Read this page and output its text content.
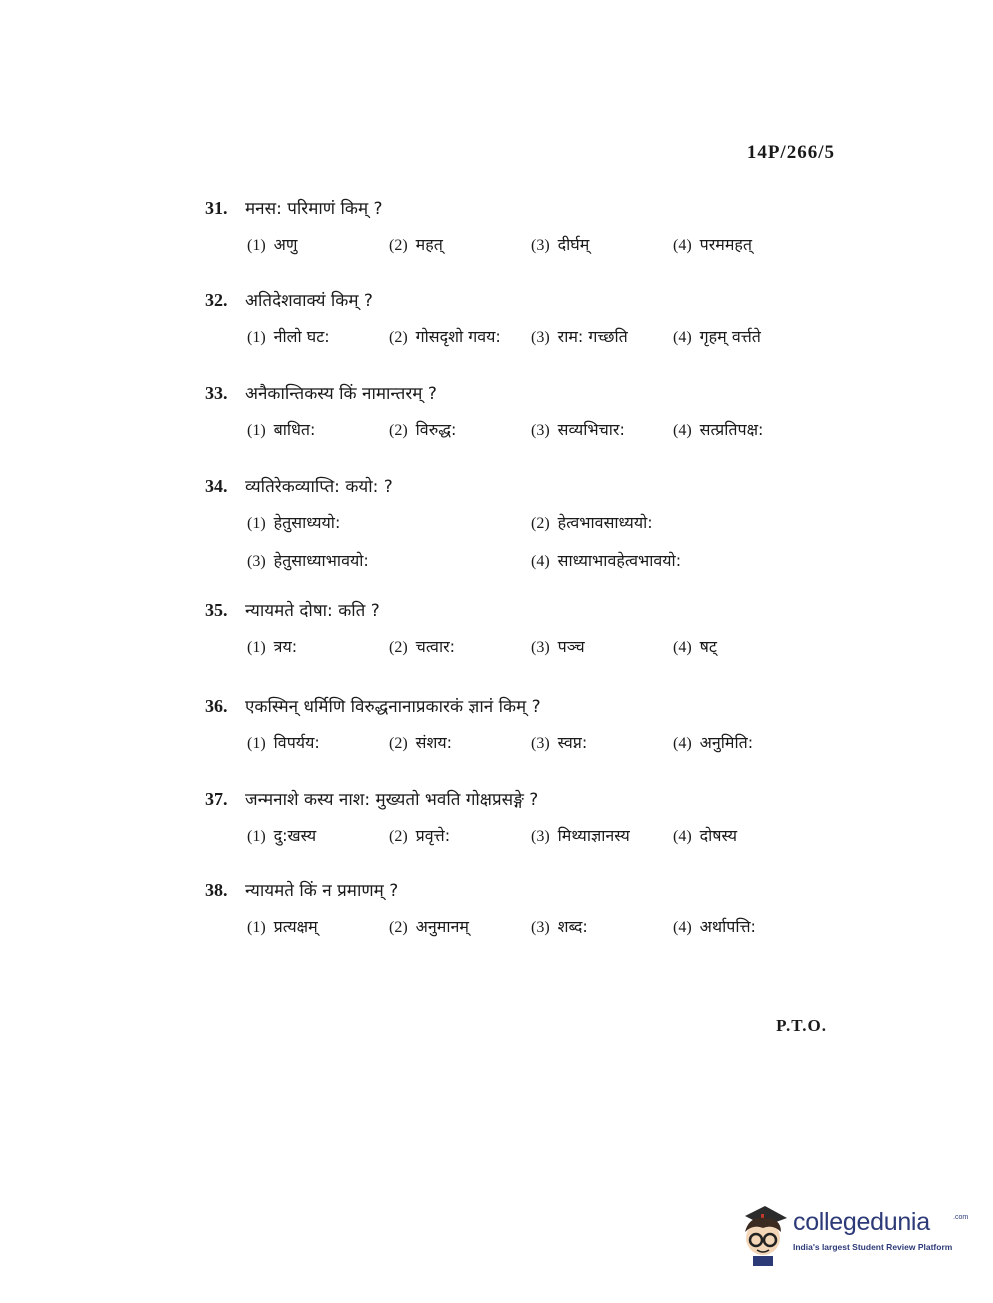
14P/266/5
31.	मनस: परिमाणं किम् ?
(1) अणु	(2) महत्	(3) दीर्घम्	(4) परममहत्
32.	अतिदेशवाक्यं किम् ?
(1) नीलो घट:	(2) गोसदृशो गवय:	(3) राम: गच्छति	(4) गृहम् वर्त्तते
33.	अनैकान्तिकस्य किं नामान्तरम् ?
(1) बाधित:	(2) विरुद्ध:	(3) सव्यभिचार:	(4) सत्प्रतिपक्ष:
34.	व्यतिरेकव्याप्ति: कयो: ?
(1) हेतुसाध्ययो:	(2) हेत्वभावसाध्ययो:
(3) हेतुसाध्याभावयो:	(4) साध्याभावहेत्वभावयो:
35.	न्यायमते दोषा: कति ?
(1) त्रय:	(2) चत्वार:	(3) पञ्च	(4) षट्
36.	एकस्मिन् धर्मिणि विरुद्धनानाप्रकारकं ज्ञानं किम् ?
(1) विपर्यय:	(2) संशय:	(3) स्वप्न:	(4) अनुमिति:
37.	जन्मनाशे कस्य नाश: मुख्यतो भवति गोक्षप्रसङ्गे ?
(1) दु:खस्य	(2) प्रवृत्ते:	(3) मिथ्याज्ञानस्य	(4) दोषस्य
38.	न्यायमते किं न प्रमाणम् ?
(1) प्रत्यक्षम्	(2) अनुमानम्	(3) शब्द:	(4) अर्थापत्ति:
P.T.O.
collegedunia	.com
India's largest Student Review Platform
